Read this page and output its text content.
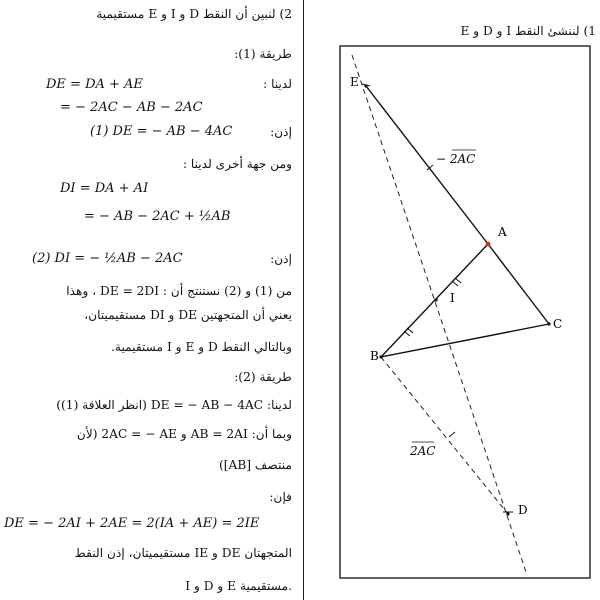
2) لنبين أن النقط D و I و E مستقيمية
طريقة (1):
لدينا :
إذن:
ومن جهة أخرى لدينا :
إذن:
من (1) و (2) نستنتج أن : DE = 2DI ، وهذا
يعني أن المتجهتين DE و DI مستقيميتان،
وبالتالي النقط D و E و I مستقيمية.
طريقة (2):
لدينا: DE = − AB − 4AC (انظر العلاقة (1))
وبما أن: AB = 2AI و 2AC = − AE (لأن
منتصف [AB])
فإن:
المتجهتان DE و IE مستقيميتان، إذن النقط
I و D و E مستقيمية.
DE = DA + AE
= − 2AC − AB − 2AC
(1) DE = − AB − 4AC
DI = DA + AI
= − AB − 2AC + ½AB
(2) DI = − ½AB − 2AC
DE = − 2AI + 2AE = 2(IA + AE) = 2IE
1) لننشئ النقط I و D و E
E
A
I
C
B
D
− 2AC
2AC
